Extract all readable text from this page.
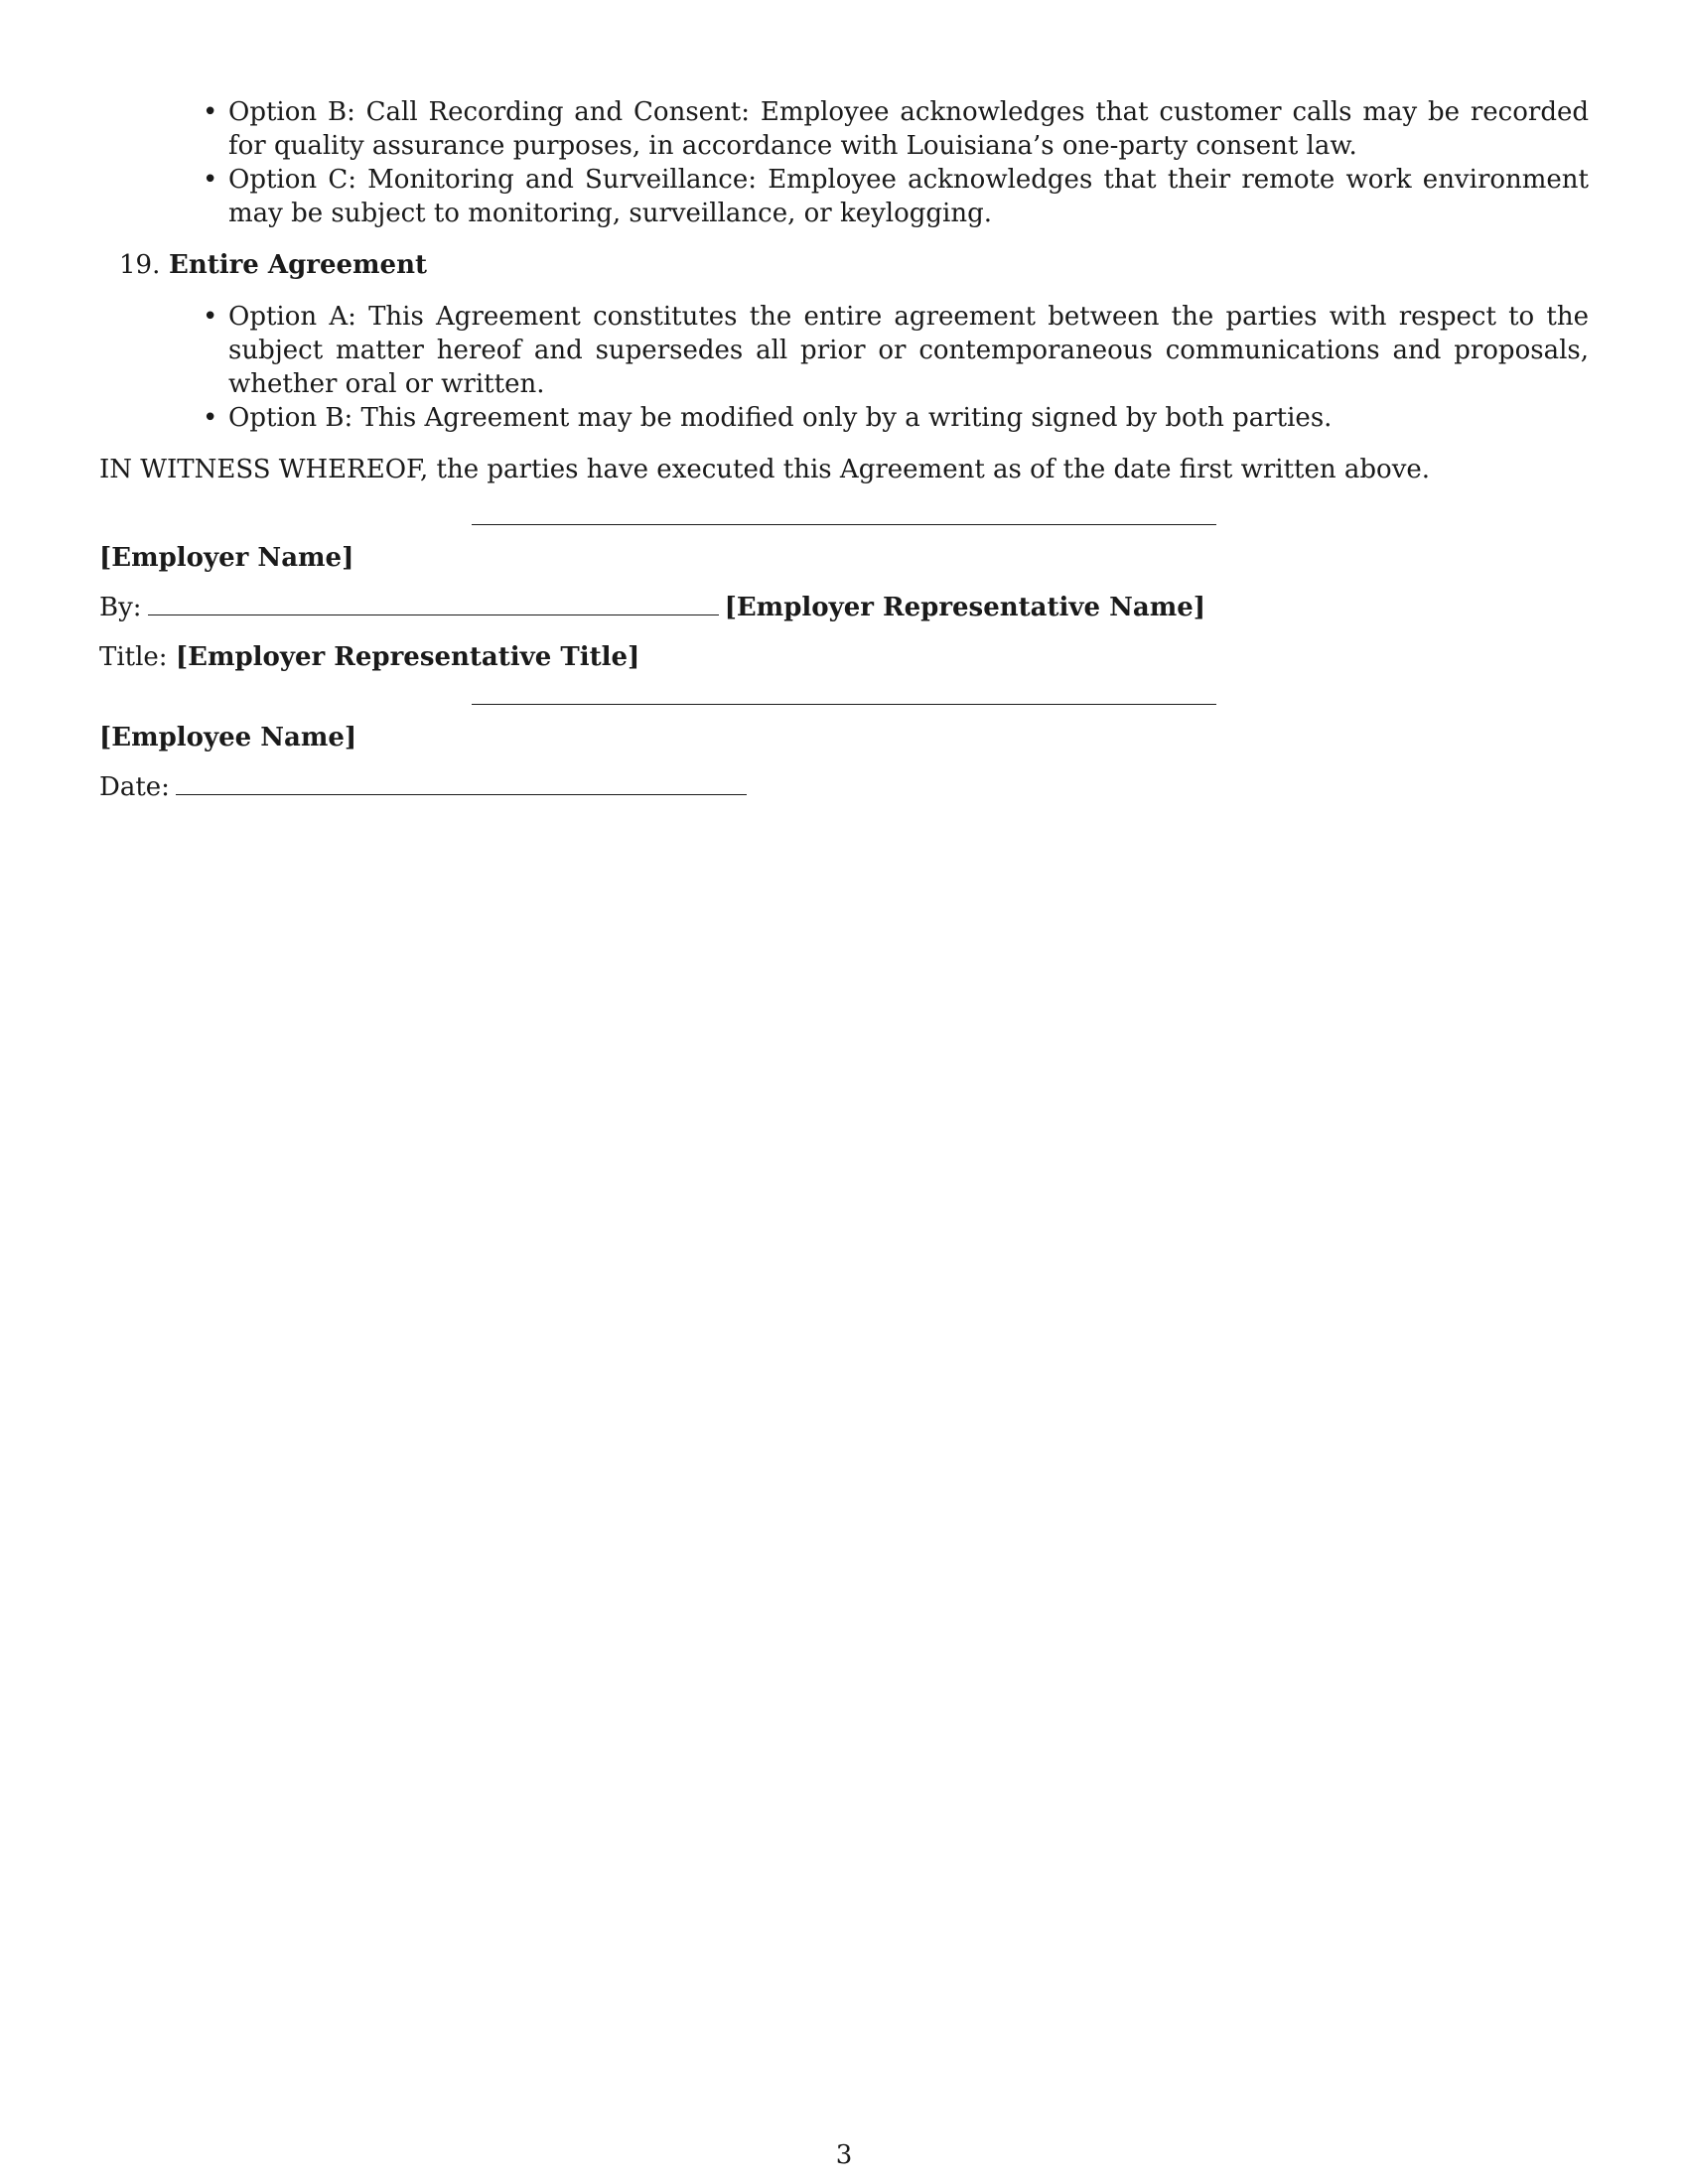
• Option B: Call Recording and Consent: Employee acknowledges that customer calls may be recorded for quality assurance purposes, in accordance with Louisiana’s one-party consent law.
• Option C: Monitoring and Surveillance: Employee acknowledges that their remote work environment may be subject to monitoring, surveillance, or keylogging.
19. Entire Agreement
• Option A: This Agreement constitutes the entire agreement between the parties with respect to the subject matter hereof and supersedes all prior or contemporaneous communications and proposals, whether oral or written.
• Option B: This Agreement may be modified only by a writing signed by both parties.
IN WITNESS WHEREOF, the parties have executed this Agreement as of the date first written above.
[Employer Name]
By:	[Employer Representative Name]
Title: [Employer Representative Title]
[Employee Name]
Date:
3
